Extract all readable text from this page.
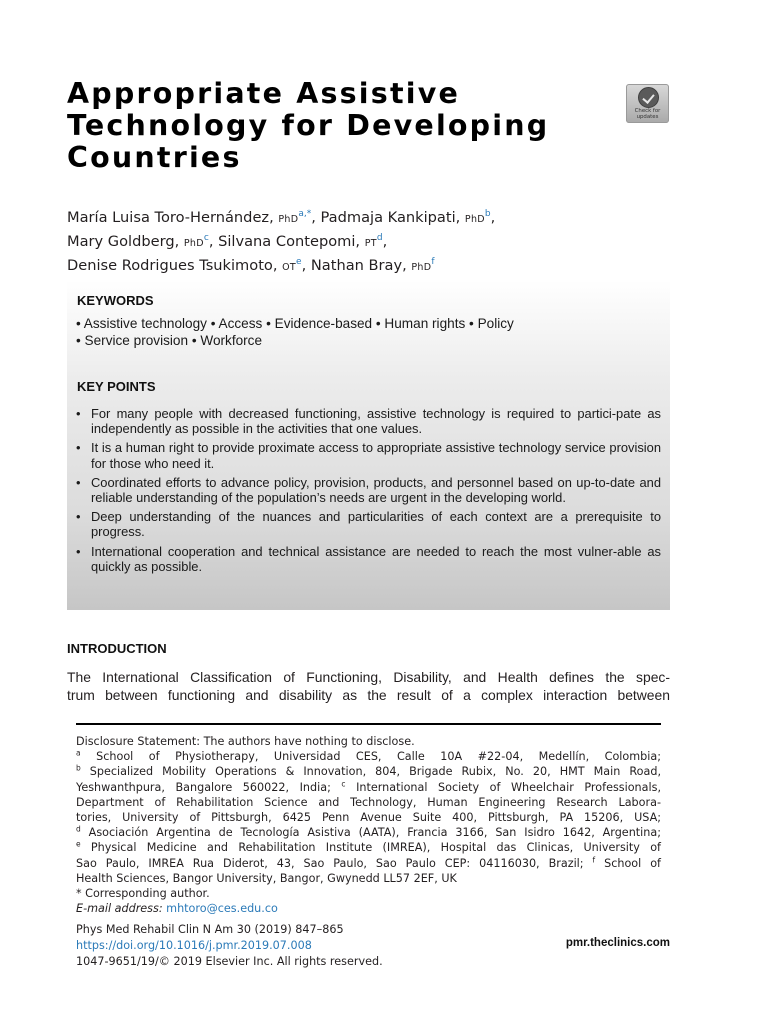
Appropriate Assistive Technology for Developing Countries
Check for
updates
María Luisa Toro-Hernández, PhD$^{a,*}$, Padmaja Kankipati, PhD$^b$,
Mary Goldberg, PhD$^c$, Silvana Contepomi, PT$^d$,
Denise Rodrigues Tsukimoto, OT$^e$, Nathan Bray, PhD$^f$
KEYWORDS
• Assistive technology • Access • Evidence-based • Human rights • Policy
• Service provision • Workforce
KEY POINTS
• For many people with decreased functioning, assistive technology is required to partici-pate as independently as possible in the activities that one values.
• It is a human right to provide proximate access to appropriate assistive technology service provision for those who need it.
• Coordinated efforts to advance policy, provision, products, and personnel based on up-to-date and reliable understanding of the population’s needs are urgent in the developing world.
• Deep understanding of the nuances and particularities of each context are a prerequisite to progress.
• International cooperation and technical assistance are needed to reach the most vulner-able as quickly as possible.
INTRODUCTION
The International Classification of Functioning, Disability, and Health defines the spec-
trum between functioning and disability as the result of a complex interaction between
Disclosure Statement: The authors have nothing to disclose.
$^a$ School of Physiotherapy, Universidad CES, Calle 10A #22-04, Medellín, Colombia;
$^b$ Specialized Mobility Operations & Innovation, 804, Brigade Rubix, No. 20, HMT Main Road,
Yeshwanthpura, Bangalore 560022, India; $^c$ International Society of Wheelchair Professionals,
Department of Rehabilitation Science and Technology, Human Engineering Research Labora-
tories, University of Pittsburgh, 6425 Penn Avenue Suite 400, Pittsburgh, PA 15206, USA;
$^d$ Asociación Argentina de Tecnología Asistiva (AATA), Francia 3166, San Isidro 1642, Argentina;
$^e$ Physical Medicine and Rehabilitation Institute (IMREA), Hospital das Clinicas, University of
Sao Paulo, IMREA Rua Diderot, 43, Sao Paulo, Sao Paulo CEP: 04116030, Brazil; $^f$ School of
Health Sciences, Bangor University, Bangor, Gwynedd LL57 2EF, UK
* Corresponding author.
E-mail address: mhtoro@ces.edu.co
Phys Med Rehabil Clin N Am 30 (2019) 847–865
https://doi.org/10.1016/j.pmr.2019.07.008
1047-9651/19/© 2019 Elsevier Inc. All rights reserved.
pmr.theclinics.com
